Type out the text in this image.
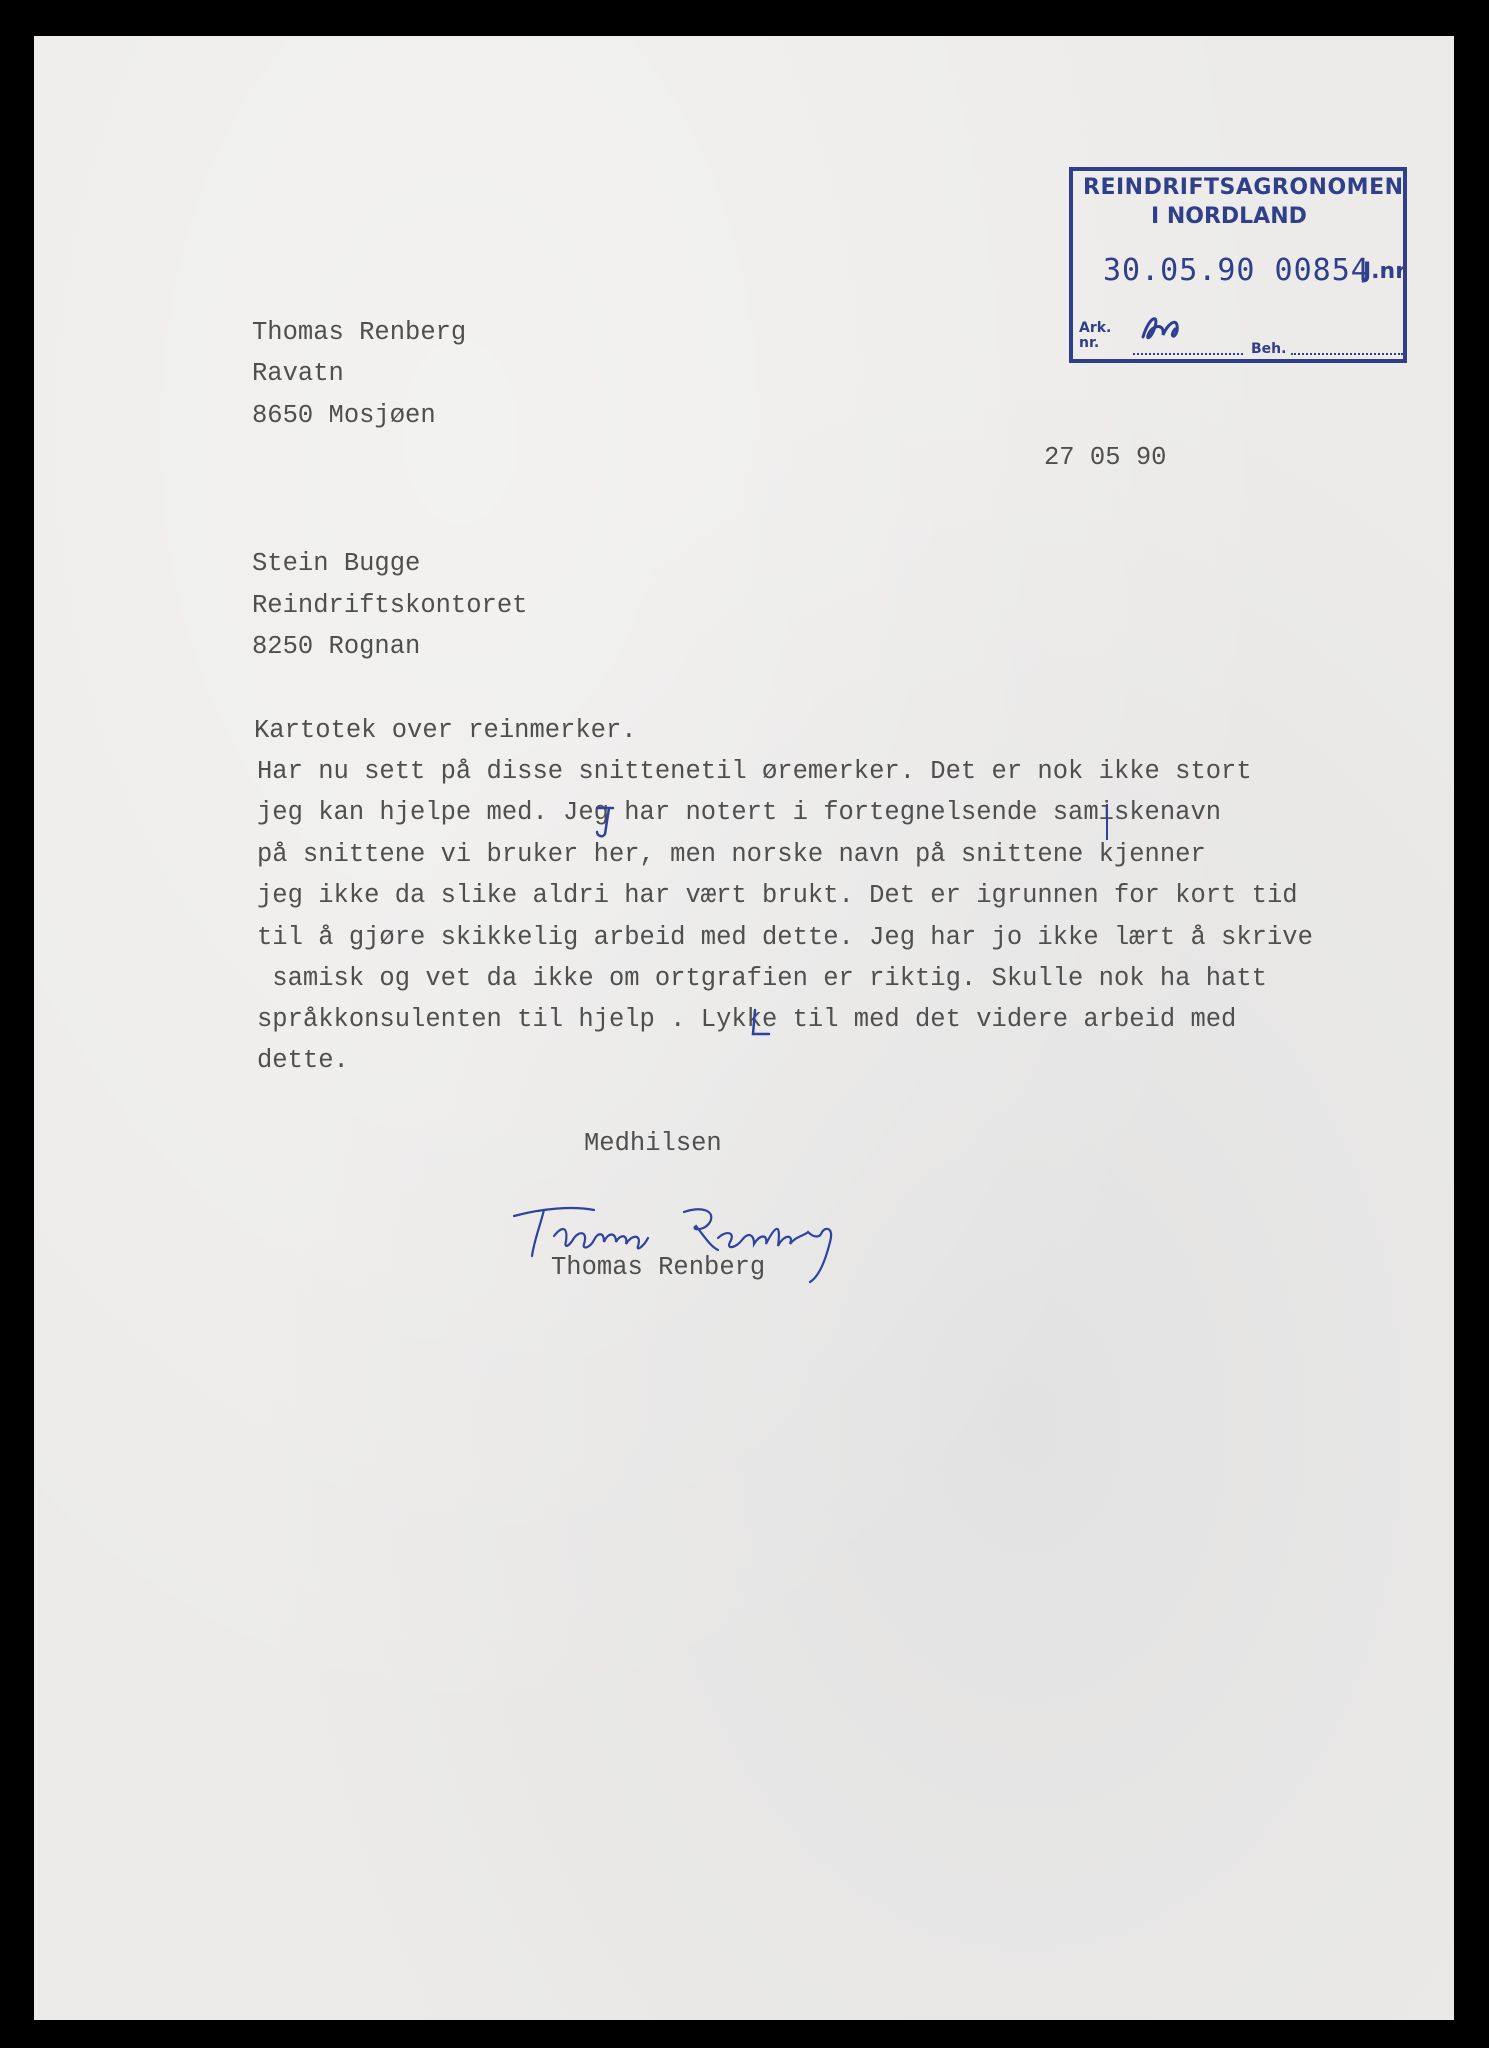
REINDRIFTSAGRONOMEN
I NORDLAND
30.05.90 00854
J.nr
Ark.
nr.	Beh.
Thomas Renberg
Ravatn
8650 Mosjøen
27 05 90
Stein Bugge
Reindriftskontoret
8250 Rognan
Kartotek over reinmerker.
Har nu sett på disse snittenetil øremerker. Det er nok ikke stort
jeg kan hjelpe med. Jeg har notert i fortegnelsende samiskenavn
på snittene vi bruker her, men norske navn på snittene kjenner
jeg ikke da slike aldri har vært brukt. Det er igrunnen for kort tid
til å gjøre skikkelig arbeid med dette. Jeg har jo ikke lært å skrive
samisk og vet da ikke om ortgrafien er riktig. Skulle nok ha hatt
språkkonsulenten til hjelp . Lykke til med det videre arbeid med
dette.
Medhilsen
Thomas Renberg
